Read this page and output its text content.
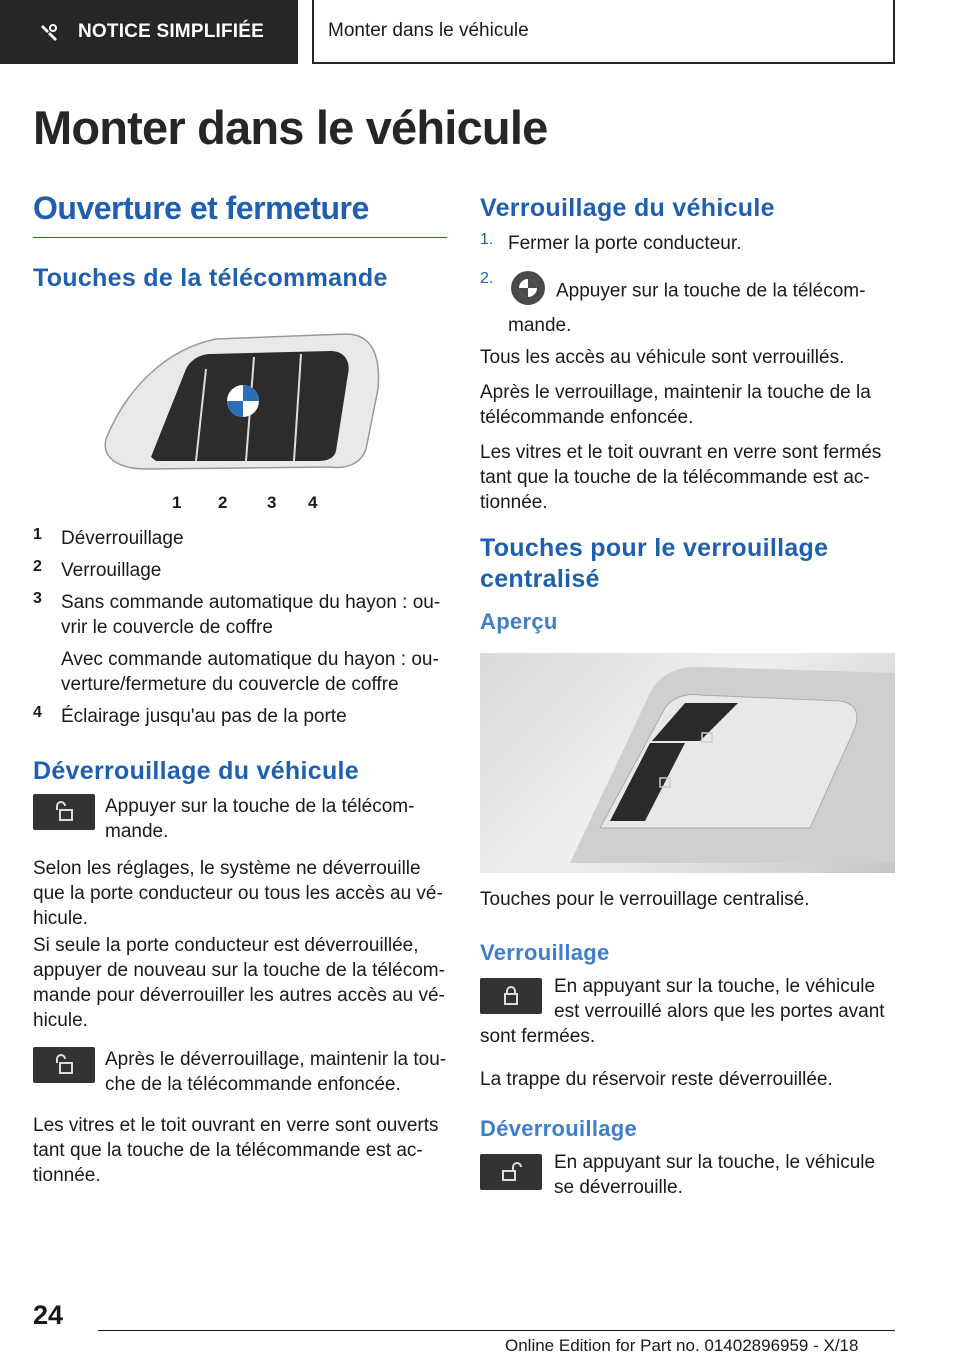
NOTICE SIMPLIFIÉE	Monter dans le véhicule
Monter dans le véhicule
Ouverture et fermeture
Touches de la télécommande
1 2 3 4
1	Déverrouillage
2	Verrouillage
3	Sans commande automatique du hayon : ou-vrir le couvercle de coffre
Avec commande automatique du hayon : ou-verture/fermeture du couvercle de coffre
4	Éclairage jusqu'au pas de la porte
Déverrouillage du véhicule

Appuyer sur la touche de la télécom-mande.

Selon les réglages, le système ne déverrouille que la porte conducteur ou tous les accès au vé-hicule.

Si seule la porte conducteur est déverrouillée, appuyer de nouveau sur la touche de la télécom-mande pour déverrouiller les autres accès au vé-hicule.

Après le déverrouillage, maintenir la tou-che de la télécommande enfoncée.

Les vitres et le toit ouvrant en verre sont ouverts tant que la touche de la télécommande est ac-tionnée.

Verrouillage du véhicule
1. Fermer la porte conducteur.
2.
Appuyer sur la touche de la télécom-mande.

Tous les accès au véhicule sont verrouillés.

Après le verrouillage, maintenir la touche de la télécommande enfoncée.

Les vitres et le toit ouvrant en verre sont fermés tant que la touche de la télécommande est ac-tionnée.

Touches pour le verrouillage centralisé
Aperçu

Touches pour le verrouillage centralisé.

Verrouillage

En appuyant sur la touche, le véhicule est verrouillé alors que les portes avant sont fermées.

La trappe du réservoir reste déverrouillée.

Déverrouillage

En appuyant sur la touche, le véhicule se déverrouille.

24
Online Edition for Part no. 01402896959 - X/18
